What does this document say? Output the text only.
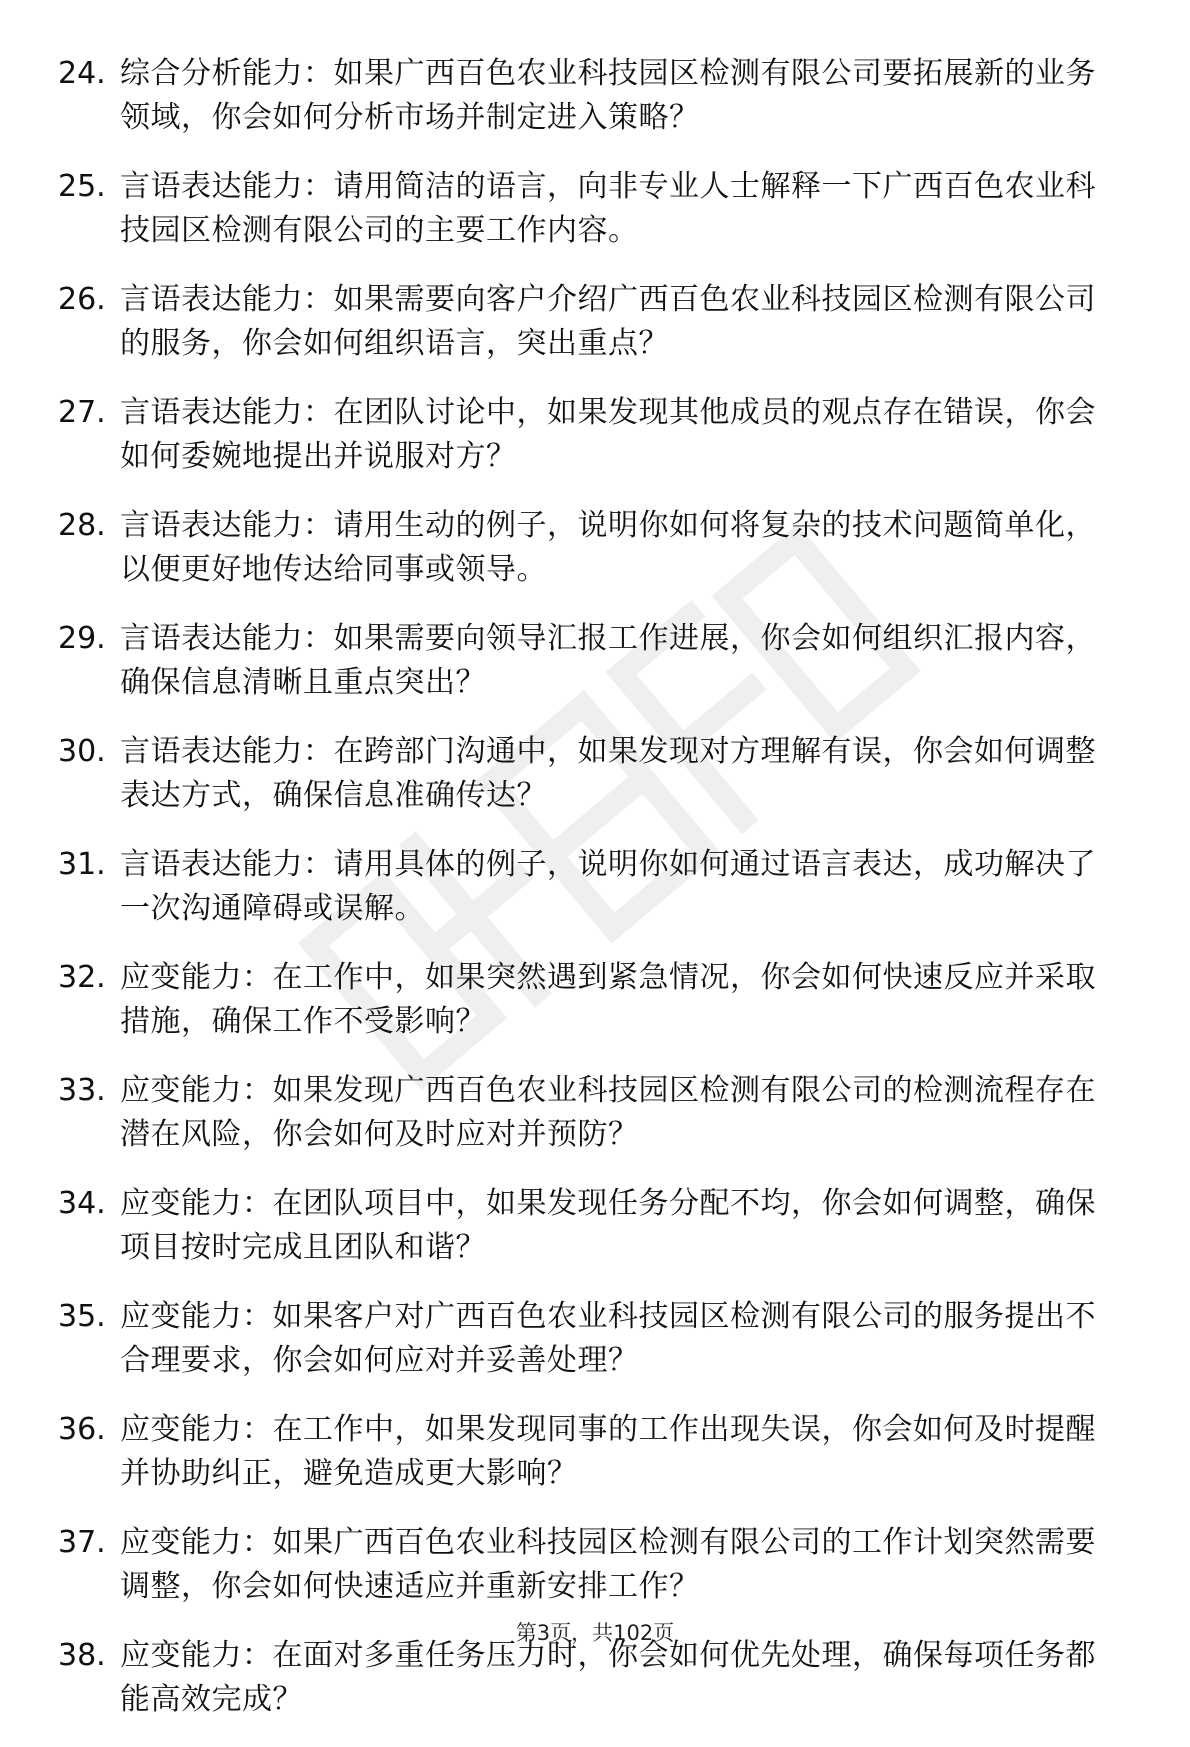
24. 综合分析能力：如果广西百色农业科技园区检测有限公司要拓展新的业务领域，你会如何分析市场并制定进入策略？
25. 言语表达能力：请用简洁的语言，向非专业人士解释一下广西百色农业科技园区检测有限公司的主要工作内容。
26. 言语表达能力：如果需要向客户介绍广西百色农业科技园区检测有限公司的服务，你会如何组织语言，突出重点？
27. 言语表达能力：在团队讨论中，如果发现其他成员的观点存在错误，你会如何委婉地提出并说服对方？
28. 言语表达能力：请用生动的例子，说明你如何将复杂的技术问题简单化，以便更好地传达给同事或领导。
29. 言语表达能力：如果需要向领导汇报工作进展，你会如何组织汇报内容，确保信息清晰且重点突出？
30. 言语表达能力：在跨部门沟通中，如果发现对方理解有误，你会如何调整表达方式，确保信息准确传达？
31. 言语表达能力：请用具体的例子，说明你如何通过语言表达，成功解决了一次沟通障碍或误解。
32. 应变能力：在工作中，如果突然遇到紧急情况，你会如何快速反应并采取措施，确保工作不受影响？
33. 应变能力：如果发现广西百色农业科技园区检测有限公司的检测流程存在潜在风险，你会如何及时应对并预防？
34. 应变能力：在团队项目中，如果发现任务分配不均，你会如何调整，确保项目按时完成且团队和谐？
35. 应变能力：如果客户对广西百色农业科技园区检测有限公司的服务提出不合理要求，你会如何应对并妥善处理？
36. 应变能力：在工作中，如果发现同事的工作出现失误，你会如何及时提醒并协助纠正，避免造成更大影响？
37. 应变能力：如果广西百色农业科技园区检测有限公司的工作计划突然需要调整，你会如何快速适应并重新安排工作？
38. 应变能力：在面对多重任务压力时，你会如何优先处理，确保每项任务都能高效完成？
第3页，共102页
